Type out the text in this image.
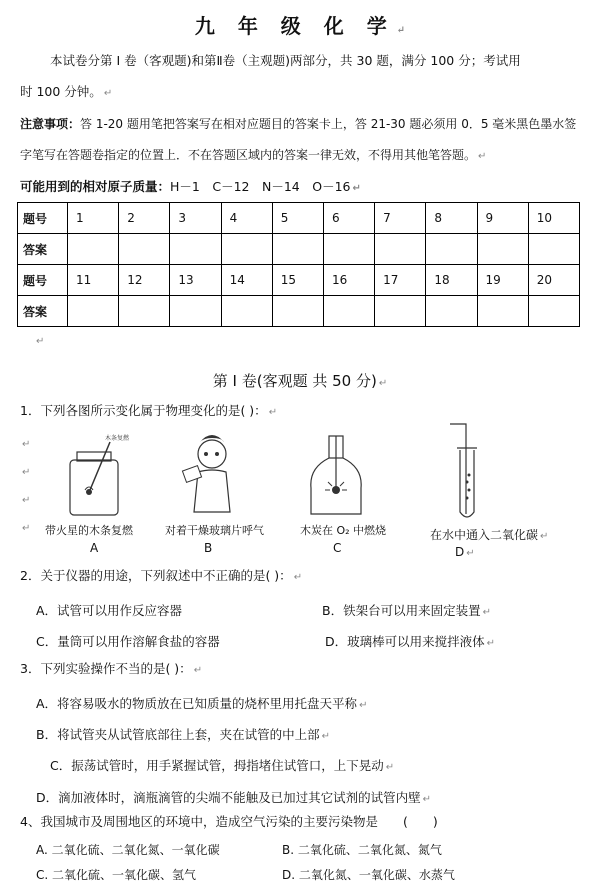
九 年 级 化 学 ↵
本试卷分第 I 卷（客观题)和第Ⅱ卷（主观题)两部分，共 30 题，满分 100 分；考试用
时 100 分钟。 ↵
注意事项：答 1-20 题用笔把答案写在相对应题目的答案卡上，答 21-30 题必须用 0．5 毫米黑色墨水签
字笔写在答题卷指定的位置上．不在答题区域内的答案一律无效，不得用其他笔答题。 ↵
可能用到的相对原子质量：H－1　C－12　N－14　O－16 ↵
题号	1	2	3	4	5	6	7	8	9	10
答案										
题号	11	12	13	14	15	16	17	18	19	20
答案										
↵
第 I 卷(客观题 共 50 分) ↵
1．下列各图所示变化属于物理变化的是( )： ↵
↵
↵
↵
↵
木条复燃
带火星的木条复燃
A
对着干燥玻璃片呼气
B
木炭在 O₂ 中燃烧
C
在水中通入二氧化碳 ↵
D ↵
2．关于仪器的用途，下列叙述中不正确的是( )： ↵
A．试管可以用作反应容器	B．铁架台可以用来固定装置 ↵
C．量筒可以用作溶解食盐的容器	D．玻璃棒可以用来搅拌液体 ↵
3．下列实验操作不当的是( )： ↵
A．将容易吸水的物质放在已知质量的烧杯里用托盘天平称 ↵
B．将试管夹从试管底部往上套，夹在试管的中上部 ↵
C．振荡试管时，用手紧握试管，拇指堵住试管口，上下晃动 ↵
D．滴加液体时，滴瓶滴管的尖端不能触及已加过其它试剂的试管内壁 ↵
4、我国城市及周围地区的环境中，造成空气污染的主要污染物是　　(　　)
A. 二氧化硫、二氧化氮、一氧化碳	B. 二氧化硫、二氧化氮、氮气
C. 二氧化硫、一氧化碳、氢气	D. 二氧化氮、一氧化碳、水蒸气
